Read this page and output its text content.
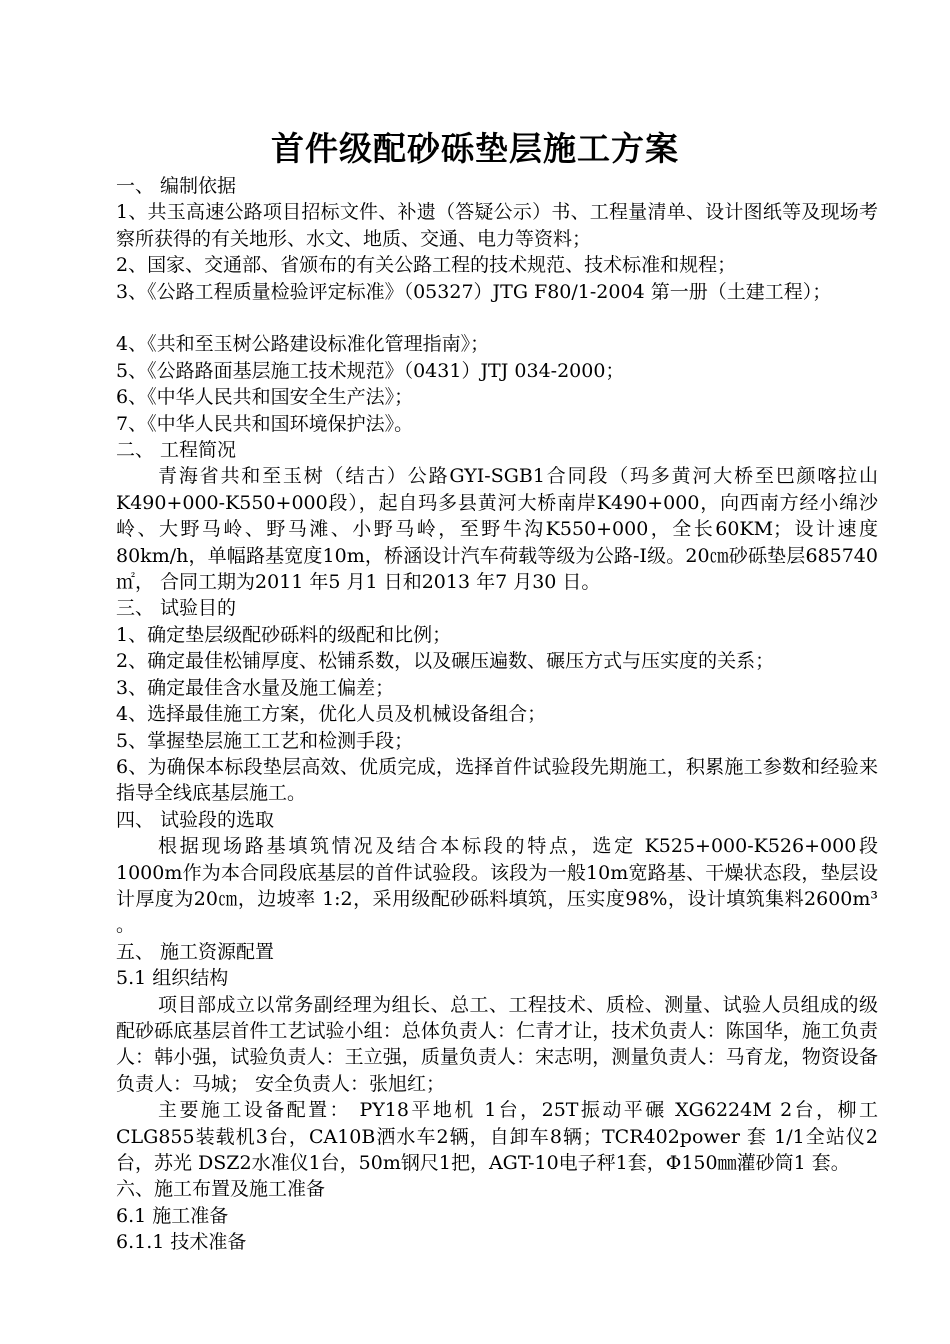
首件级配砂砾垫层施工方案

一、 编制依据

1、共玉高速公路项目招标文件、补遗（答疑公示）书、工程量清单、设计图纸等及现场考察所获得的有关地形、水文、地质、交通、电力等资料；

2、国家、交通部、省颁布的有关公路工程的技术规范、技术标准和规程；

3、《公路工程质量检验评定标准》（05327）JTG F80/1-2004 第一册（土建工程）；

4、《共和至玉树公路建设标准化管理指南》；

5、《公路路面基层施工技术规范》（0431）JTJ 034-2000；

6、《中华人民共和国安全生产法》；

7、《中华人民共和国环境保护法》。

二、 工程简况

青海省共和至玉树（结古）公路GYI-SGB1合同段（玛多黄河大桥至巴颜喀拉山K490+000-K550+000段），起自玛多县黄河大桥南岸K490+000，向西南方经小绵沙岭、大野马岭、野马滩、小野马岭，至野牛沟K550+000，全长60KM；设计速度80km/h，单幅路基宽度10m，桥涵设计汽车荷载等级为公路-I级。20㎝砂砾垫层685740㎡， 合同工期为2011 年5 月1 日和2013 年7 月30 日。

三、 试验目的

1、确定垫层级配砂砾料的级配和比例；

2、确定最佳松铺厚度、松铺系数，以及碾压遍数、碾压方式与压实度的关系；

3、确定最佳含水量及施工偏差；

4、选择最佳施工方案，优化人员及机械设备组合；

5、掌握垫层施工工艺和检测手段；

6、为确保本标段垫层高效、优质完成，选择首件试验段先期施工，积累施工参数和经验来指导全线底基层施工。

四、 试验段的选取

根据现场路基填筑情况及结合本标段的特点，选定 K525+000-K526+000段1000m作为本合同段底基层的首件试验段。该段为一般10m宽路基、干燥状态段，垫层设计厚度为20㎝，边坡率 1:2，采用级配砂砾料填筑，压实度98%，设计填筑集料2600m³ 。

五、 施工资源配置

5.1 组织结构

项目部成立以常务副经理为组长、总工、工程技术、质检、测量、试验人员组成的级配砂砾底基层首件工艺试验小组：总体负责人：仁青才让，技术负责人：陈国华，施工负责人：韩小强，试验负责人：王立强，质量负责人：宋志明，测量负责人：马育龙，物资设备负责人：马城； 安全负责人：张旭红；

主要施工设备配置： PY18平地机 1台，25T振动平碾 XG6224M 2台，柳工CLG855装载机3台，CA10B洒水车2辆，自卸车8辆；TCR402power 套 1/1全站仪2台，苏光 DSZ2水准仪1台，50m钢尺1把，AGT-10电子秤1套，Φ150㎜灌砂筒1 套。

六、施工布置及施工准备

6.1 施工准备

6.1.1 技术准备
